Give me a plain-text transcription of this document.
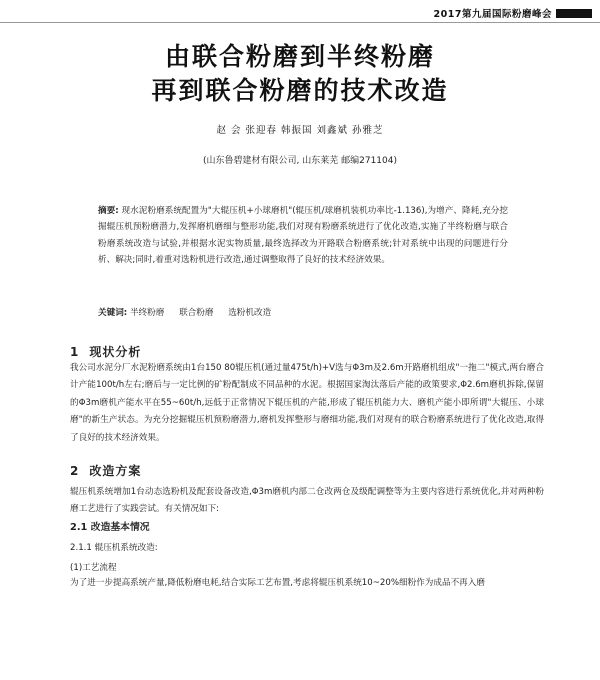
2017第九届国际粉磨峰会
由联合粉磨到半终粉磨
再到联合粉磨的技术改造
赵 会 张迎春 韩振国 刘鑫斌 孙雅芝
(山东鲁碧建材有限公司, 山东莱芜 邮编271104)
摘要: 现水泥粉磨系统配置为"大辊压机+小球磨机"(辊压机/球磨机装机功率比-1.136),为增产、降耗,充分挖掘辊压机预粉磨潜力,发挥磨机磨细与整形功能,我们对现有粉磨系统进行了优化改造,实施了半终粉磨与联合粉磨系统改造与试验,并根据水泥实物质量,最终选择改为开路联合粉磨系统;针对系统中出现的问题进行分析、解决;同时,着重对选粉机进行改造,通过调整取得了良好的技术经济效果。
关键词: 半终粉磨 联合粉磨 选粉机改造
1 现状分析
我公司水泥分厂水泥粉磨系统由1台150 80辊压机(通过量475t/h)+V选与Φ3m及2.6m开路磨机组成"一拖二"模式,两台磨合计产能100t/h左右;磨后与一定比例的矿粉配制成不同品种的水泥。根据国家淘汰落后产能的政策要求,Φ2.6m磨机拆除,保留的Φ3m磨机产能水平在55~60t/h,远低于正常情况下辊压机的产能,形成了辊压机能力大、磨机产能小即所谓"大辊压、小球磨"的新生产状态。为充分挖掘辊压机预粉磨潜力,磨机发挥整形与磨细功能,我们对现有的联合粉磨系统进行了优化改造,取得了良好的技术经济效果。
2 改造方案
辊压机系统增加1台动态选粉机及配套设备改造,Φ3m磨机内部二仓改两仓及级配调整等为主要内容进行系统优化,并对两种粉磨工艺进行了实践尝试。有关情况如下:
2.1 改造基本情况
2.1.1 辊压机系统改造:
(1)工艺流程
为了进一步提高系统产量,降低粉磨电耗,结合实际工艺布置,考虑将辊压机系统10~20%细粉作为成品不再入磨
